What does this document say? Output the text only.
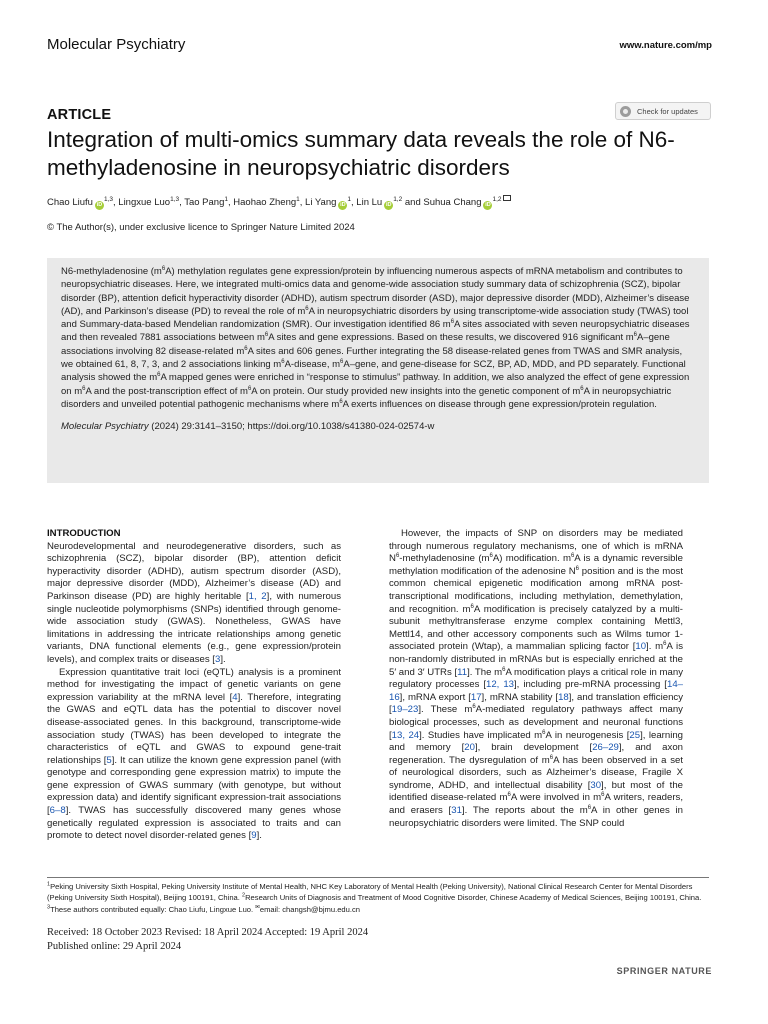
Molecular Psychiatry	www.nature.com/mp
ARTICLE	Check for updates
Integration of multi-omics summary data reveals the role of N6-methyladenosine in neuropsychiatric disorders
Chao Liufu iD$^{1,3}$, Lingxue Luo$^{1,3}$, Tao Pang$^1$, Haohao Zheng$^1$, Li Yang $iD^1$, Lin Lu iD$^{1,2}$ and Suhua Chang iD$^{1,2}$
© The Author(s), under exclusive licence to Springer Nature Limited 2024
N6-methyladenosine $(m^6A)$ methylation regulates gene expression/protein by influencing numerous aspects of mRNA metabolism and contributes to neuropsychiatric diseases. Here, we integrated multi-omics data and genome-wide association study summary data of schizophrenia (SCZ), bipolar disorder (BP), attention deficit hyperactivity disorder (ADHD), autism spectrum disorder (ASD), major depressive disorder (MDD), Alzheimer’s disease (AD), and Parkinson’s disease (PD) to reveal the role of $m^6A$ in neuropsychiatric disorders by using transcriptome-wide association study (TWAS) tool and Summary-data-based Mendelian randomization (SMR). Our investigation identified 86 $m^6A$ sites associated with seven neuropsychiatric diseases and then revealed 7881 associations between $m^6A$ sites and gene expressions. Based on these results, we discovered 916 significant $m^6A$–gene associations involving 82 disease-related $m^6A$ sites and 606 genes. Further integrating the 58 disease-related genes from TWAS and SMR analysis, we obtained 61, 8, 7, 3, and 2 associations linking $m^6A$-disease, $m^6A$–gene, and gene-disease for SCZ, BP, AD, MDD, and PD separately. Functional analysis showed the $m^6A$ mapped genes were enriched in “response to stimulus” pathway. In addition, we also analyzed the effect of gene expression on $m^6A$ and the post-transcription effect of $m^6A$ on protein. Our study provided new insights into the genetic component of $m^6A$ in neuropsychiatric disorders and unveiled potential pathogenic mechanisms where $m^6A$ exerts influences on disease through gene expression/protein regulation.
Molecular Psychiatry (2024) 29:3141–3150; https://doi.org/10.1038/s41380-024-02574-w
INTRODUCTION

Neurodevelopmental and neurodegenerative disorders, such as schizophrenia (SCZ), bipolar disorder (BP), attention deficit hyperactivity disorder (ADHD), autism spectrum disorder (ASD), major depressive disorder (MDD), Alzheimer’s disease (AD) and Parkinson disease (PD) are highly heritable [1, 2], with numerous single nucleotide polymorphisms (SNPs) identified through genome-wide association study (GWAS). Nonetheless, GWAS have limitations in addressing the intricate relationships among genetic variants, DNA functional elements (e.g., gene expression/protein levels), and complex traits or diseases [3].

Expression quantitative trait loci (eQTL) analysis is a prominent method for investigating the impact of genetic variants on gene expression variability at the mRNA level [4]. Therefore, integrating the GWAS and eQTL data has the potential to discover novel disease-associated genes. In this background, transcriptome-wide association study (TWAS) has been developed to integrate the characteristics of eQTL and GWAS to expound gene-trait relationships [5]. It can utilize the known gene expression panel (with genotype and corresponding gene expression matrix) to impute the gene expression of GWAS summary (with genotype, but without expression data) and identify significant expression-trait associations [6–8]. TWAS has successfully discovered many genes whose genetically regulated expression is associated to traits and can promote to detect novel disorder-related genes [9].

However, the impacts of SNP on disorders may be mediated through numerous regulatory mechanisms, one of which is mRNA $N^6$-methyladenosine $(m^6A)$ modification. $m^6A$ is a dynamic reversible methylation modification of the adenosine $N^6$ position and is the most common chemical epigenetic modification among mRNA post-transcriptional modifications, including methylation, demethylation, and recognition. $m^6A$ modification is precisely catalyzed by a multi-subunit methyltransferase enzyme complex containing Mettl3, Mettl14, and other accessory components such as Wilms tumor 1-associated protein (Wtap), a mammalian splicing factor [10]. $m^6A$ is non-randomly distributed in mRNAs but is especially enriched at the 5′ and 3′ UTRs [11]. The $m^6A$ modification plays a critical role in many regulatory processes [12, 13], including pre-mRNA processing [14–16], mRNA export [17], mRNA stability [18], and translation efficiency [19–23]. These $m^6A$-mediated regulatory pathways affect many biological processes, such as development and neuronal functions [13, 24]. Studies have implicated $m^6A$ in neurogenesis [25], learning and memory [20], brain development [26–29], and axon regeneration. The dysregulation of $m^6A$ has been observed in a set of neurological disorders, such as Alzheimer’s disease, Fragile X syndrome, ADHD, and intellectual disability [30], but most of the identified disease-related $m^6A$ were involved in $m^6A$ writers, readers, and erasers [31]. The reports about the $m^6A$ in other genes in neuropsychiatric disorders were limited. The SNP could

$^1$Peking University Sixth Hospital, Peking University Institute of Mental Health, NHC Key Laboratory of Mental Health (Peking University), National Clinical Research Center for Mental Disorders (Peking University Sixth Hospital), Beijing 100191, China. $^2$Research Units of Diagnosis and Treatment of Mood Cognitive Disorder, Chinese Academy of Medical Sciences, Beijing 100191, China. $^3$These authors contributed equally: Chao Liufu, Lingxue Luo. ✉email: changsh@bjmu.edu.cn
Received: 18 October 2023 Revised: 18 April 2024 Accepted: 19 April 2024
Published online: 29 April 2024
SPRINGER NATURE
